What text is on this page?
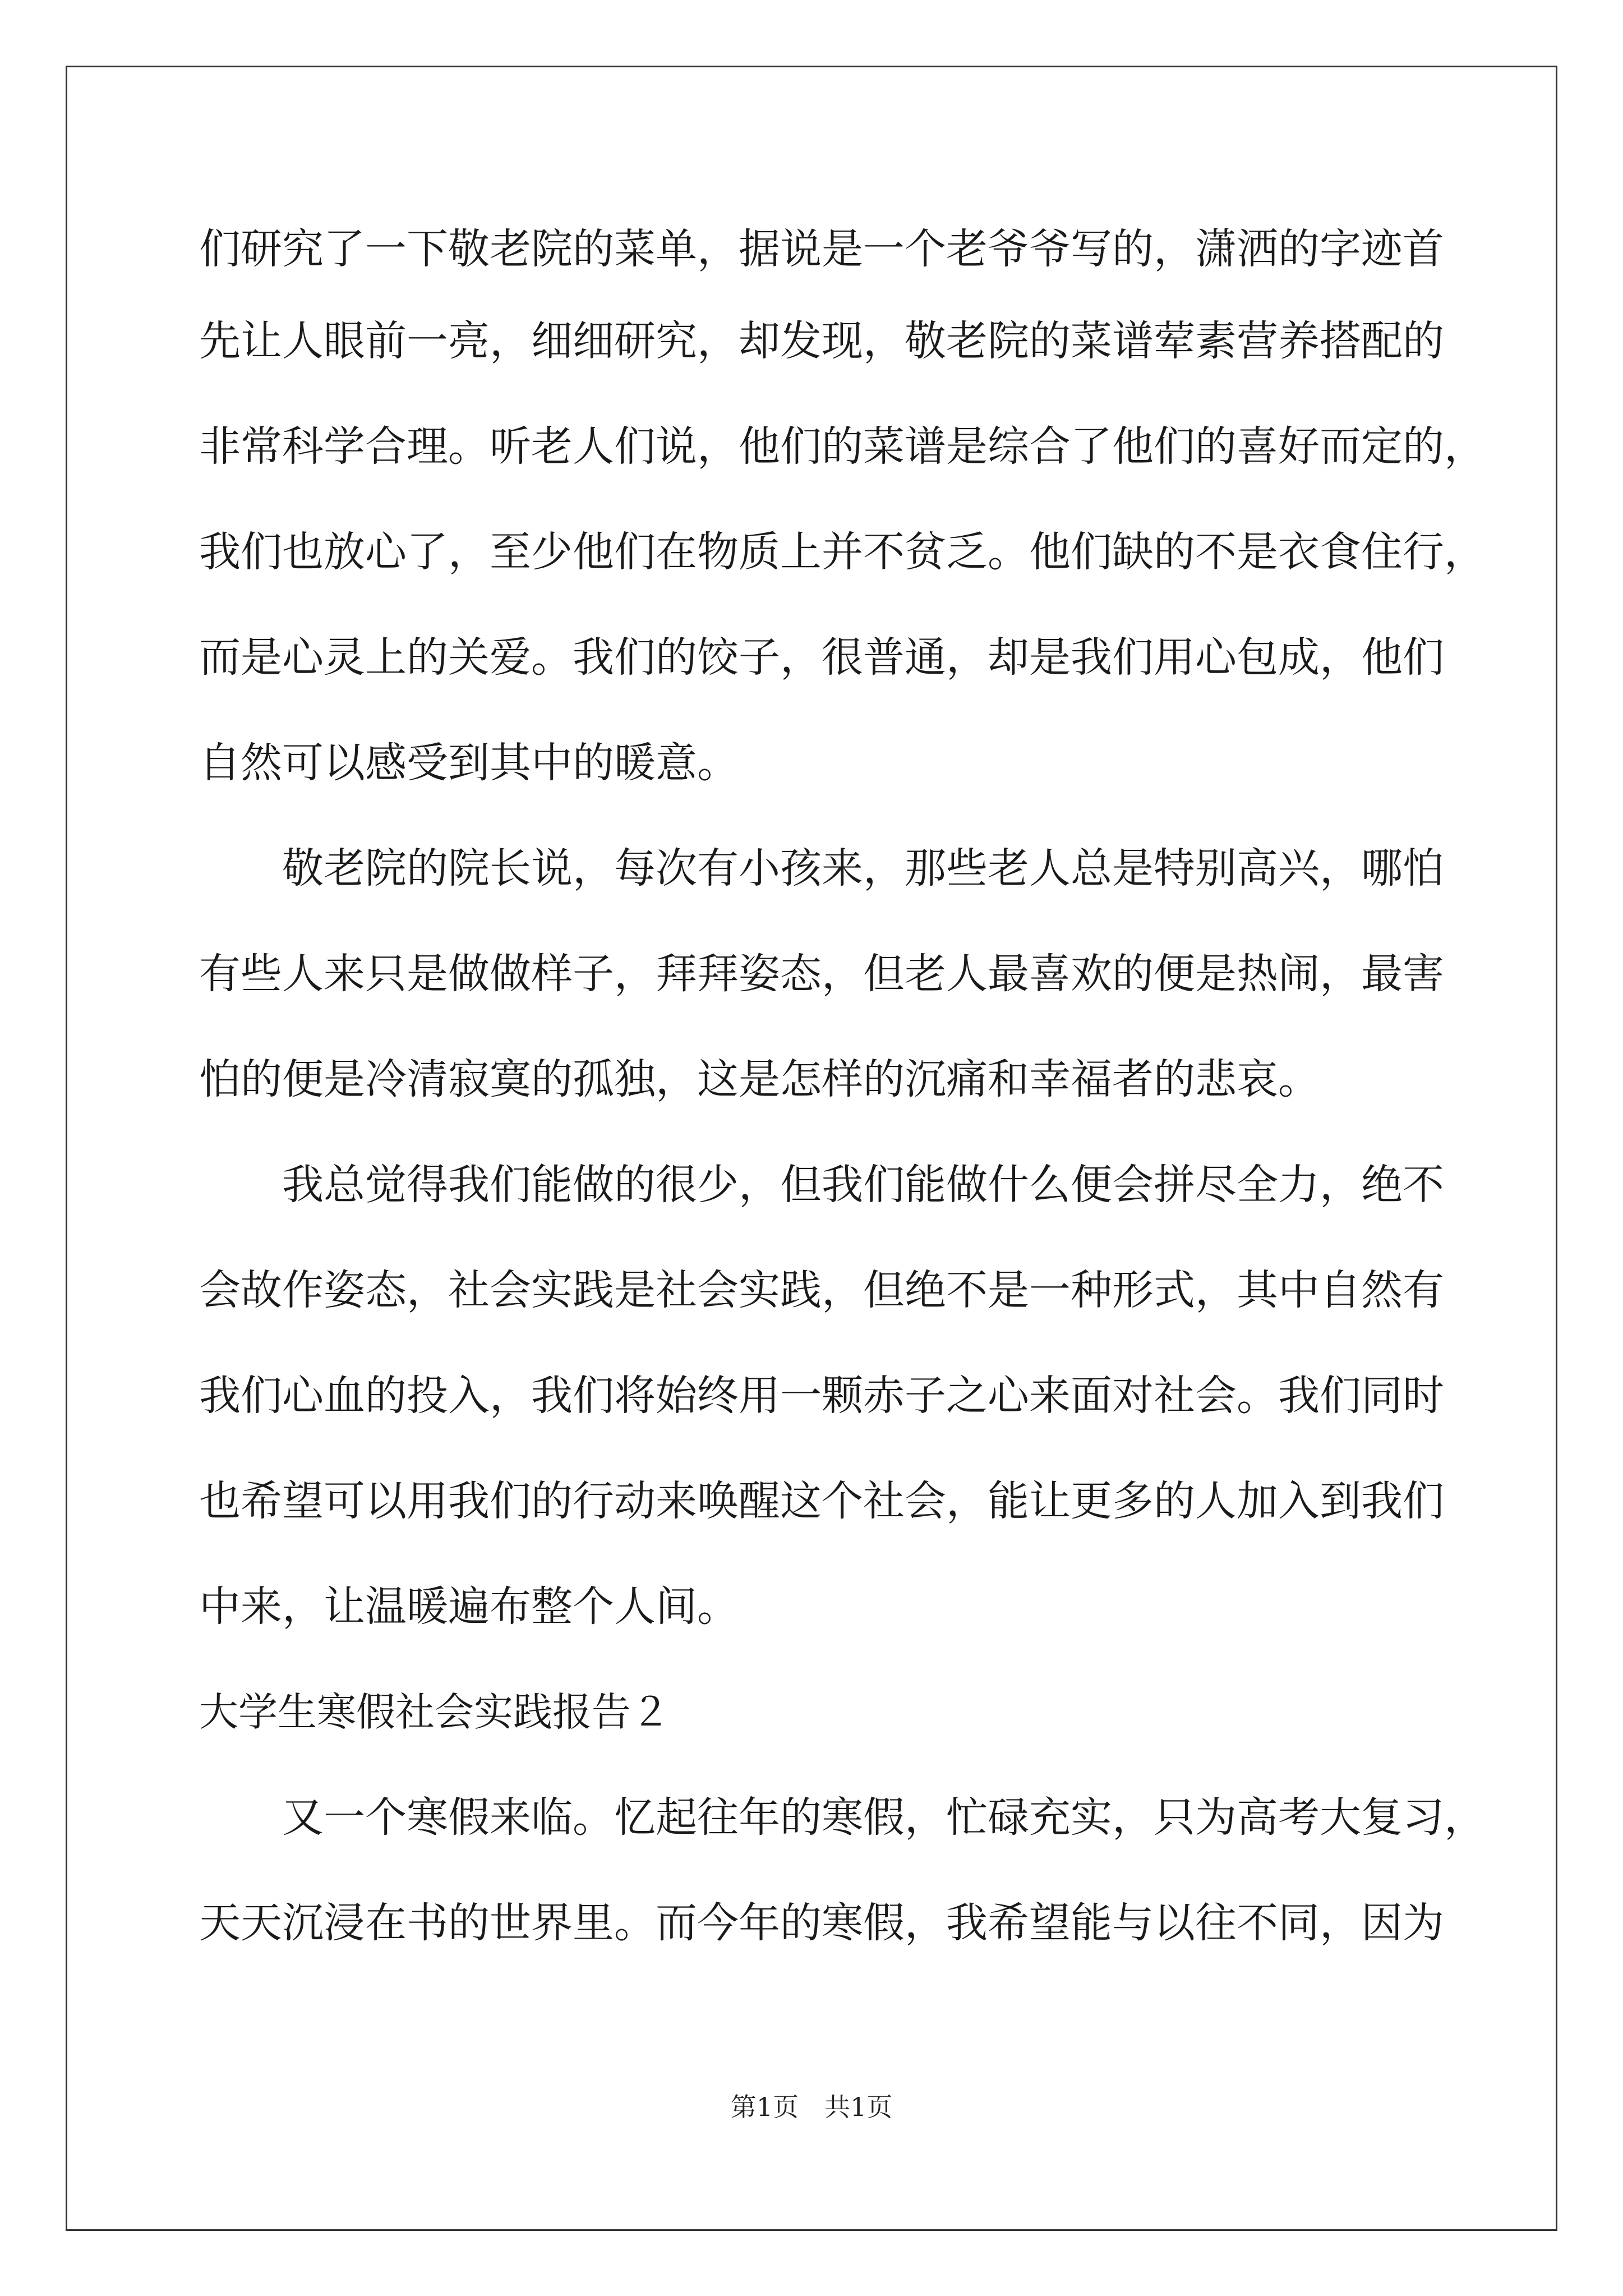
们研究了一下敬老院的菜单，据说是一个老爷爷写的，潇洒的字迹首
先让人眼前一亮，细细研究，却发现，敬老院的菜谱荤素营养搭配的
非常科学合理。听老人们说，他们的菜谱是综合了他们的喜好而定的，
我们也放心了，至少他们在物质上并不贫乏。他们缺的不是衣食住行，
而是心灵上的关爱。我们的饺子，很普通，却是我们用心包成，他们
自然可以感受到其中的暖意。
敬老院的院长说，每次有小孩来，那些老人总是特别高兴，哪怕
有些人来只是做做样子，拜拜姿态，但老人最喜欢的便是热闹，最害
怕的便是冷清寂寞的孤独，这是怎样的沉痛和幸福者的悲哀。
我总觉得我们能做的很少，但我们能做什么便会拼尽全力，绝不
会故作姿态，社会实践是社会实践，但绝不是一种形式，其中自然有
我们心血的投入，我们将始终用一颗赤子之心来面对社会。我们同时
也希望可以用我们的行动来唤醒这个社会，能让更多的人加入到我们
中来，让温暖遍布整个人间。
大学生寒假社会实践报告２
又一个寒假来临。忆起往年的寒假，忙碌充实，只为高考大复习，
天天沉浸在书的世界里。而今年的寒假，我希望能与以往不同，因为
第1页　共1页
